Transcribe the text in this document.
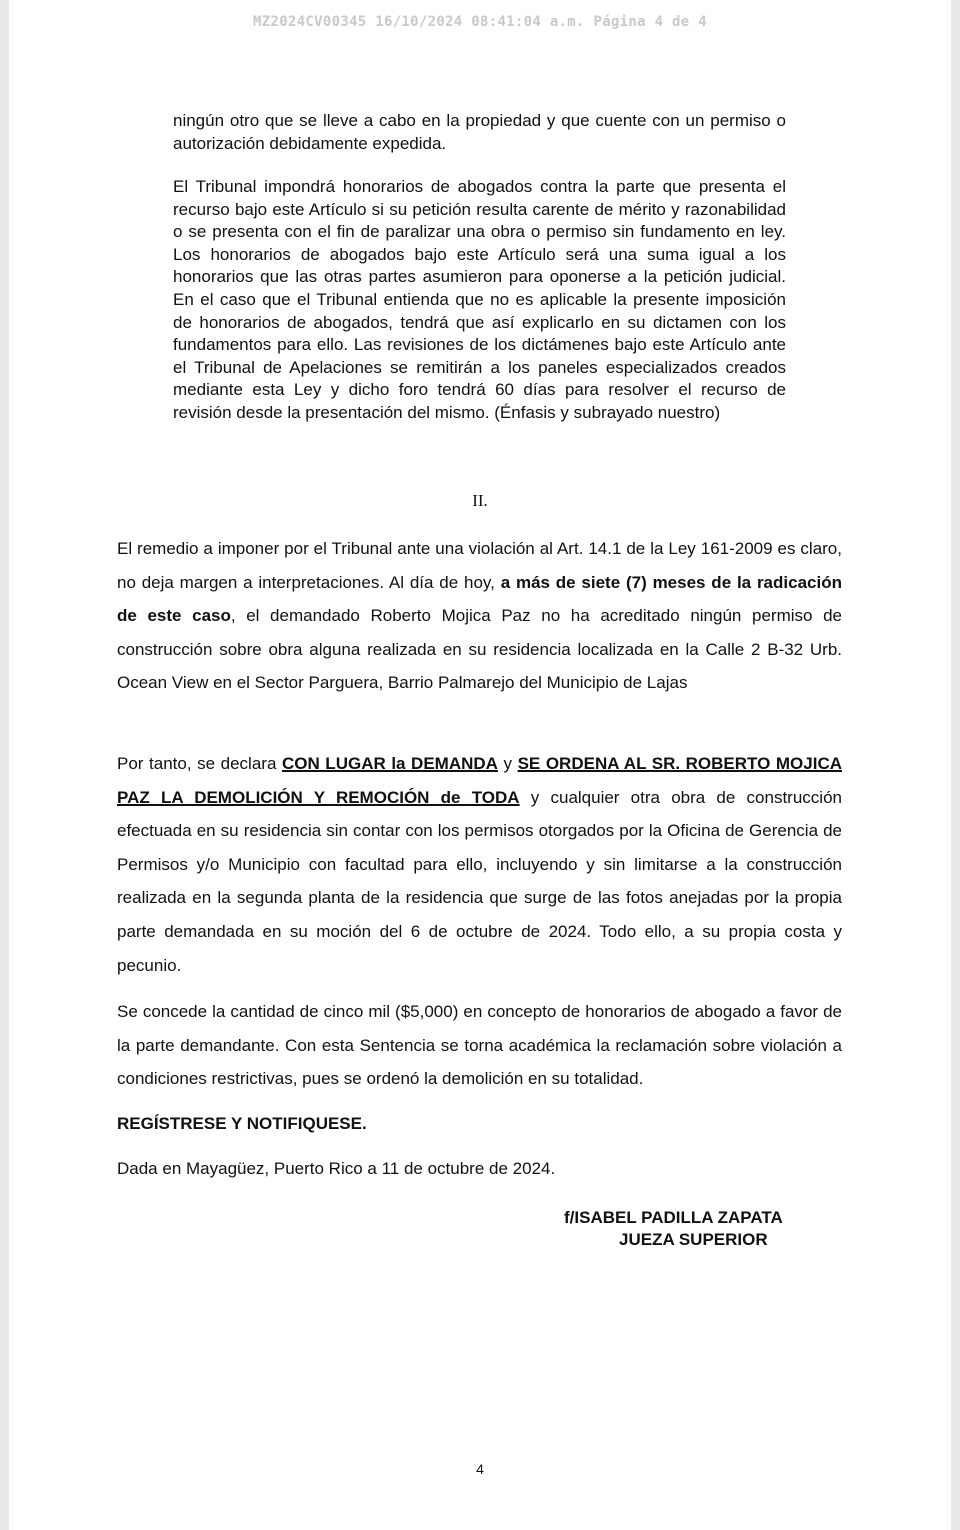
MZ2024CV00345 16/10/2024 08:41:04 a.m. Página 4 de 4
ningún otro que se lleve a cabo en la propiedad y que cuente con un permiso o autorización debidamente expedida.
El Tribunal impondrá honorarios de abogados contra la parte que presenta el recurso bajo este Artículo si su petición resulta carente de mérito y razonabilidad o se presenta con el fin de paralizar una obra o permiso sin fundamento en ley. Los honorarios de abogados bajo este Artículo será una suma igual a los honorarios que las otras partes asumieron para oponerse a la petición judicial. En el caso que el Tribunal entienda que no es aplicable la presente imposición de honorarios de abogados, tendrá que así explicarlo en su dictamen con los fundamentos para ello. Las revisiones de los dictámenes bajo este Artículo ante el Tribunal de Apelaciones se remitirán a los paneles especializados creados mediante esta Ley y dicho foro tendrá 60 días para resolver el recurso de revisión desde la presentación del mismo. (Énfasis y subrayado nuestro)
II.
El remedio a imponer por el Tribunal ante una violación al Art. 14.1 de la Ley 161-2009 es claro, no deja margen a interpretaciones. Al día de hoy, a más de siete (7) meses de la radicación de este caso, el demandado Roberto Mojica Paz no ha acreditado ningún permiso de construcción sobre obra alguna realizada en su residencia localizada en la Calle 2 B-32 Urb. Ocean View en el Sector Parguera, Barrio Palmarejo del Municipio de Lajas
Por tanto, se declara CON LUGAR la DEMANDA y SE ORDENA AL SR. ROBERTO MOJICA PAZ LA DEMOLICIÓN Y REMOCIÓN de TODA y cualquier otra obra de construcción efectuada en su residencia sin contar con los permisos otorgados por la Oficina de Gerencia de Permisos y/o Municipio con facultad para ello, incluyendo y sin limitarse a la construcción realizada en la segunda planta de la residencia que surge de las fotos anejadas por la propia parte demandada en su moción del 6 de octubre de 2024. Todo ello, a su propia costa y pecunio.
Se concede la cantidad de cinco mil ($5,000) en concepto de honorarios de abogado a favor de la parte demandante. Con esta Sentencia se torna académica la reclamación sobre violación a condiciones restrictivas, pues se ordenó la demolición en su totalidad.
REGÍSTRESE Y NOTIFIQUESE.
Dada en Mayagüez, Puerto Rico a 11 de octubre de 2024.
f/ISABEL PADILLA ZAPATA
JUEZA SUPERIOR
4
